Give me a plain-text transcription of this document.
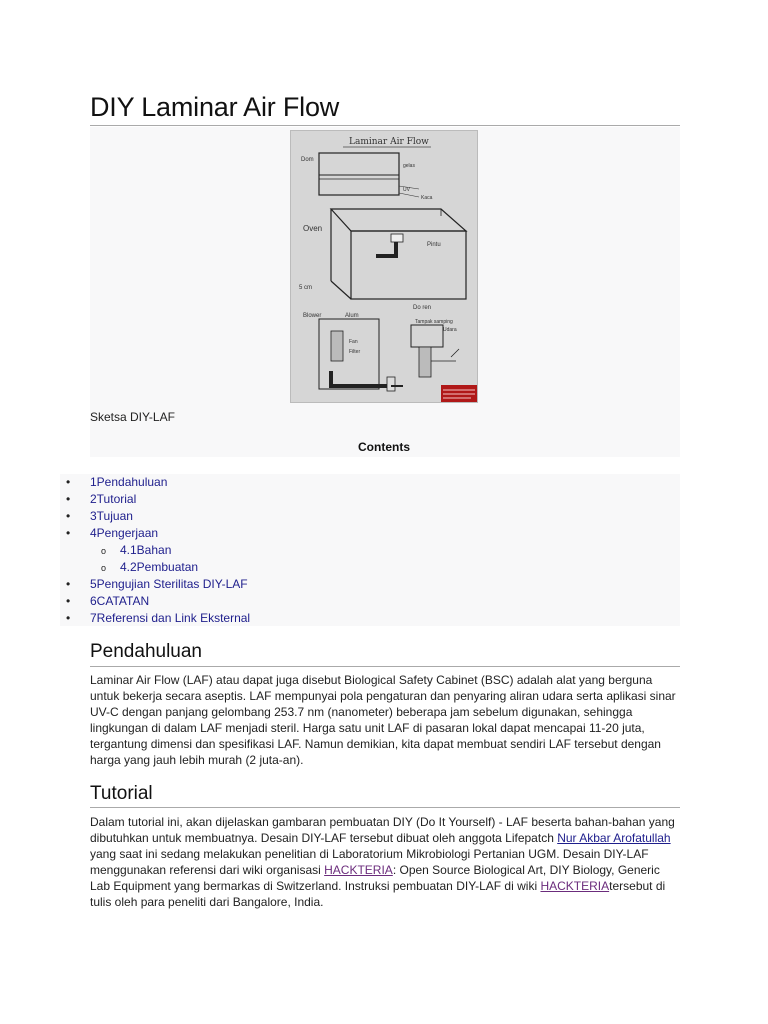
DIY Laminar Air Flow
Laminar Air Flow
Dom
gelas
UV
Kaca
Oven
Pintu
5 cm
Do ren
Blower	Alum
Fan
Filter
Tampak samping
Udara
Sketsa DIY-LAF
Contents
• 1Pendahuluan
• 2Tutorial
• 3Tujuan
• 4Pengerjaan
o 4.1Bahan
o 4.2Pembuatan
• 5Pengujian Sterilitas DIY-LAF
• 6CATATAN
• 7Referensi dan Link Eksternal
Pendahuluan

Laminar Air Flow (LAF) atau dapat juga disebut Biological Safety Cabinet (BSC) adalah alat yang berguna untuk bekerja secara aseptis. LAF mempunyai pola pengaturan dan penyaring aliran udara serta aplikasi sinar UV-C dengan panjang gelombang 253.7 nm (nanometer) beberapa jam sebelum digunakan, sehingga lingkungan di dalam LAF menjadi steril. Harga satu unit LAF di pasaran lokal dapat mencapai 11-20 juta, tergantung dimensi dan spesifikasi LAF. Namun demikian, kita dapat membuat sendiri LAF tersebut dengan harga yang jauh lebih murah (2 juta-an).

Tutorial

Dalam tutorial ini, akan dijelaskan gambaran pembuatan DIY (Do It Yourself) - LAF beserta bahan-bahan yang dibutuhkan untuk membuatnya. Desain DIY-LAF tersebut dibuat oleh anggota Lifepatch Nur Akbar Arofatullah yang saat ini sedang melakukan penelitian di Laboratorium Mikrobiologi Pertanian UGM. Desain DIY-LAF menggunakan referensi dari wiki organisasi HACKTERIA: Open Source Biological Art, DIY Biology, Generic Lab Equipment yang bermarkas di Switzerland. Instruksi pembuatan DIY-LAF di wiki HACKTERIAtersebut di tulis oleh para peneliti dari Bangalore, India.
